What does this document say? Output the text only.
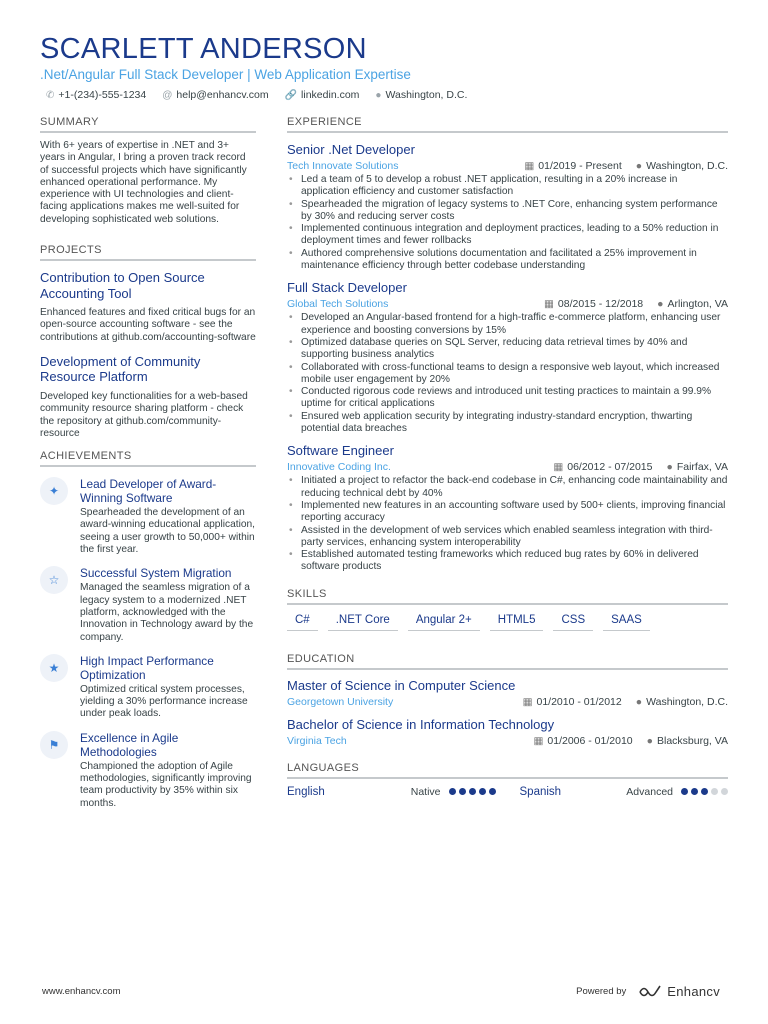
SCARLETT ANDERSON
.Net/Angular Full Stack Developer | Web Application Expertise
✆ +1-(234)-555-1234 @ help@enhancv.com 🔗 linkedin.com ● Washington, D.C.
SUMMARY
With 6+ years of expertise in .NET and 3+ years in Angular, I bring a proven track record of successful projects which have significantly enhanced operational performance. My experience with UI technologies and client-facing applications makes me well-suited for developing sophisticated web solutions.
PROJECTS
Contribution to Open Source Accounting Tool
Enhanced features and fixed critical bugs for an open-source accounting software - see the contributions at github.com/accounting-software
Development of Community Resource Platform
Developed key functionalities for a web-based community resource sharing platform - check the repository at github.com/community-resource
ACHIEVEMENTS
✦	Lead Developer of Award-Winning Software
Spearheaded the development of an award-winning educational application, seeing a user growth to 50,000+ within the first year.
☆	Successful System Migration
Managed the seamless migration of a legacy system to a modernized .NET platform, acknowledged with the Innovation in Technology award by the company.
★	High Impact Performance Optimization
Optimized critical system processes, yielding a 30% performance increase under peak loads.
⚑	Excellence in Agile Methodologies
Championed the adoption of Agile methodologies, significantly improving team productivity by 35% within six months.
EXPERIENCE
Senior .Net Developer
Tech Innovate Solutions	▦ 01/2019 - Present ● Washington, D.C.
• Led a team of 5 to develop a robust .NET application, resulting in a 20% increase in application efficiency and customer satisfaction
• Spearheaded the migration of legacy systems to .NET Core, enhancing system performance by 30% and reducing server costs
• Implemented continuous integration and deployment practices, leading to a 50% reduction in deployment times and fewer rollbacks
• Authored comprehensive solutions documentation and facilitated a 25% improvement in maintenance efficiency through better codebase understanding
Full Stack Developer
Global Tech Solutions	▦ 08/2015 - 12/2018 ● Arlington, VA
• Developed an Angular-based frontend for a high-traffic e-commerce platform, enhancing user experience and boosting conversions by 15%
• Optimized database queries on SQL Server, reducing data retrieval times by 40% and supporting business analytics
• Collaborated with cross-functional teams to design a responsive web layout, which increased mobile user engagement by 20%
• Conducted rigorous code reviews and introduced unit testing practices to maintain a 99.9% uptime for critical applications
• Ensured web application security by integrating industry-standard encryption, thwarting potential data breaches
Software Engineer
Innovative Coding Inc.	▦ 06/2012 - 07/2015 ● Fairfax, VA
• Initiated a project to refactor the back-end codebase in C#, enhancing code maintainability and reducing technical debt by 40%
• Implemented new features in an accounting software used by 500+ clients, improving financial reporting accuracy
• Assisted in the development of web services which enabled seamless integration with third-party services, enhancing system interoperability
• Established automated testing frameworks which reduced bug rates by 60% in delivered software products
SKILLS
C#	.NET Core	Angular 2+	HTML5	CSS	SAAS
EDUCATION
Master of Science in Computer Science
Georgetown University	▦ 01/2010 - 01/2012 ● Washington, D.C.
Bachelor of Science in Information Technology
Virginia Tech	▦ 01/2006 - 01/2010 ● Blacksburg, VA
LANGUAGES
English	Native	Spanish	Advanced
www.enhancv.com	Powered by	Enhancv
